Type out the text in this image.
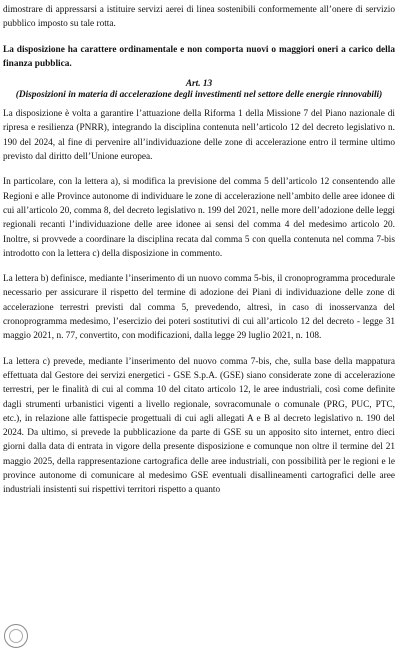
dimostrare di appressarsi a istituire servizi aerei di linea sostenibili conformemente all’onere di servizio pubblico imposto su tale rotta.

La disposizione ha carattere ordinamentale e non comporta nuovi o maggiori oneri a carico della finanza pubblica.

Art. 13
(Disposizioni in materia di accelerazione degli investimenti nel settore delle energie rinnovabili)

La disposizione è volta a garantire l’attuazione della Riforma 1 della Missione 7 del Piano nazionale di ripresa e resilienza (PNRR), integrando la disciplina contenuta nell’articolo 12 del decreto legislativo n. 190 del 2024, al fine di pervenire all’individuazione delle zone di accelerazione entro il termine ultimo previsto dal diritto dell’Unione europea.

In particolare, con la lettera a), si modifica la previsione del comma 5 dell’articolo 12 consentendo alle Regioni e alle Province autonome di individuare le zone di accelerazione nell’ambito delle aree idonee di cui all’articolo 20, comma 8, del decreto legislativo n. 199 del 2021, nelle more dell’adozione delle leggi regionali recanti l’individuazione delle aree idonee ai sensi del comma 4 del medesimo articolo 20. Inoltre, si provvede a coordinare la disciplina recata dal comma 5 con quella contenuta nel comma 7-bis introdotto con la lettera c) della disposizione in commento.

La lettera b) definisce, mediante l’inserimento di un nuovo comma 5-bis, il cronoprogramma procedurale necessario per assicurare il rispetto del termine di adozione dei Piani di individuazione delle zone di accelerazione terrestri previsti dal comma 5, prevedendo, altresì, in caso di inosservanza del cronoprogramma medesimo, l’esercizio dei poteri sostitutivi di cui all’articolo 12 del decreto - legge 31 maggio 2021, n. 77, convertito, con modificazioni, dalla legge 29 luglio 2021, n. 108.

La lettera c) prevede, mediante l’inserimento del nuovo comma 7-bis, che, sulla base della mappatura effettuata dal Gestore dei servizi energetici - GSE S.p.A. (GSE) siano considerate zone di accelerazione terrestri, per le finalità di cui al comma 10 del citato articolo 12, le aree industriali, così come definite dagli strumenti urbanistici vigenti a livello regionale, sovracomunale o comunale (PRG, PUC, PTC, etc.), in relazione alle fattispecie progettuali di cui agli allegati A e B al decreto legislativo n. 190 del 2024. Da ultimo, si prevede la pubblicazione da parte di GSE su un apposito sito internet, entro dieci giorni dalla data di entrata in vigore della presente disposizione e comunque non oltre il termine del 21 maggio 2025, della rappresentazione cartografica delle aree industriali, con possibilità per le regioni e le province autonome di comunicare al medesimo GSE eventuali disallineamenti cartografici delle aree industriali insistenti sui rispettivi territori rispetto a quanto
